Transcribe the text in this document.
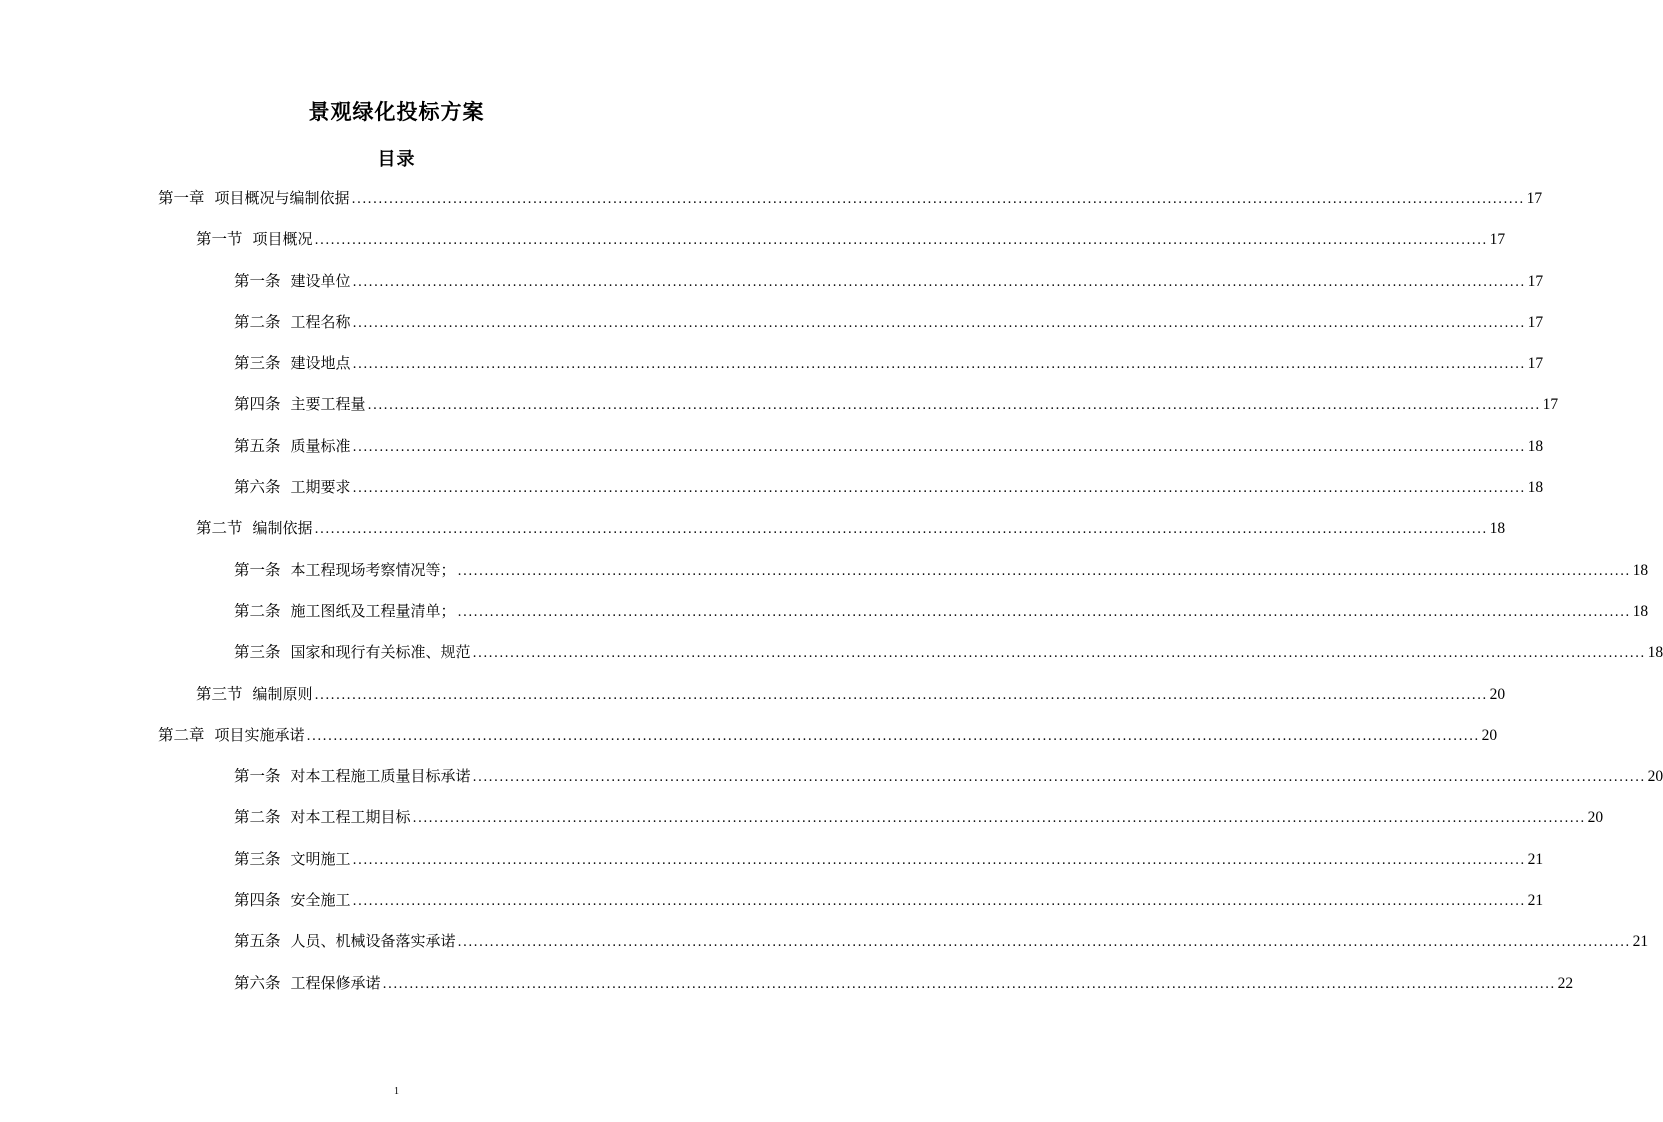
景观绿化投标方案
目录
第一章 项目概况与编制依据 ............................................................................................................................................................................................................................ 17
第一节 项目概况 ............................................................................................................................................................................................................................ 17
第一条 建设单位 ............................................................................................................................................................................................................................ 17
第二条 工程名称 ............................................................................................................................................................................................................................ 17
第三条 建设地点 ............................................................................................................................................................................................................................ 17
第四条 主要工程量 ............................................................................................................................................................................................................................ 17
第五条 质量标准 ............................................................................................................................................................................................................................ 18
第六条 工期要求 ............................................................................................................................................................................................................................ 18
第二节 编制依据 ............................................................................................................................................................................................................................ 18
第一条 本工程现场考察情况等； ............................................................................................................................................................................................................................ 18
第二条 施工图纸及工程量清单； ............................................................................................................................................................................................................................ 18
第三条 国家和现行有关标准、规范 ............................................................................................................................................................................................................................ 18
第三节 编制原则 ............................................................................................................................................................................................................................ 20
第二章 项目实施承诺 ............................................................................................................................................................................................................................ 20
第一条 对本工程施工质量目标承诺 ............................................................................................................................................................................................................................ 20
第二条 对本工程工期目标 ............................................................................................................................................................................................................................ 20
第三条 文明施工 ............................................................................................................................................................................................................................ 21
第四条 安全施工 ............................................................................................................................................................................................................................ 21
第五条 人员、机械设备落实承诺 ............................................................................................................................................................................................................................ 21
第六条 工程保修承诺 ............................................................................................................................................................................................................................ 22
1
